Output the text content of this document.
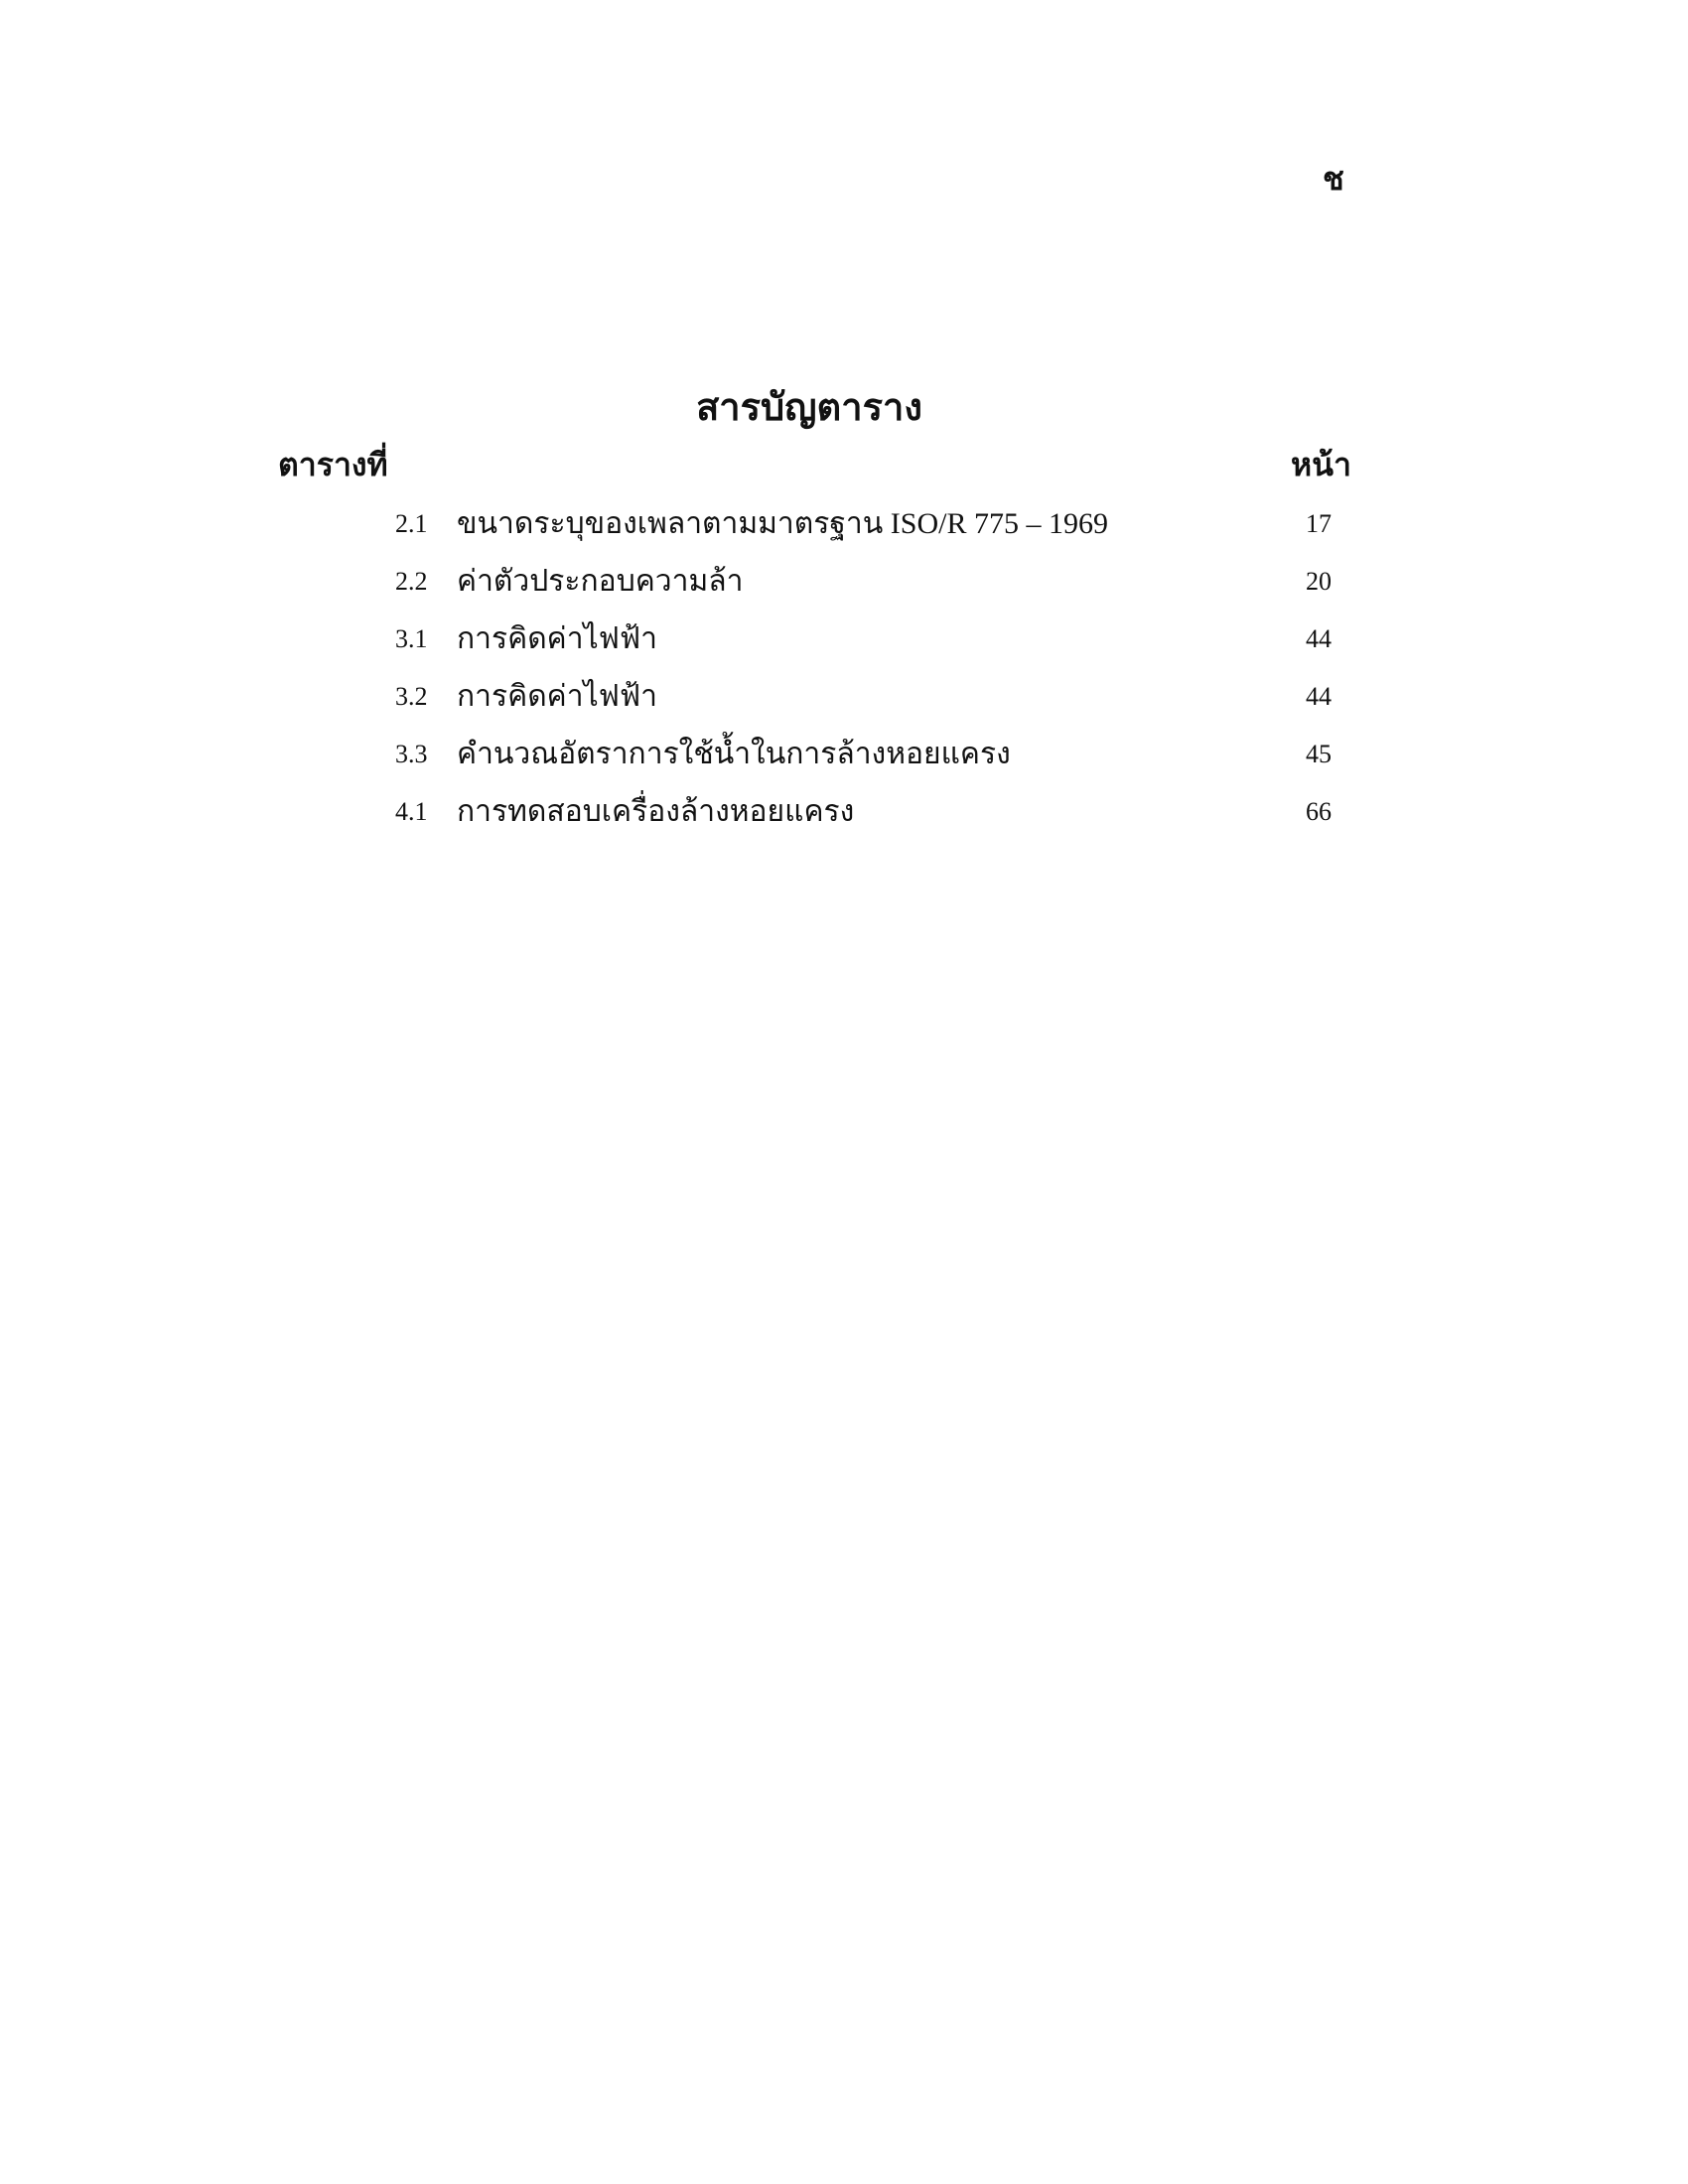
ช
สารบัญตาราง
ตารางที่	หน้า
2.1 ขนาดระบุของเพลาตามมาตรฐาน ISO/R 775 – 1969	17
2.2 ค่าตัวประกอบความล้า	20
3.1 การคิดค่าไฟฟ้า	44
3.2 การคิดค่าไฟฟ้า	44
3.3 คำนวณอัตราการใช้น้ำในการล้างหอยแครง	45
4.1 การทดสอบเครื่องล้างหอยแครง	66
